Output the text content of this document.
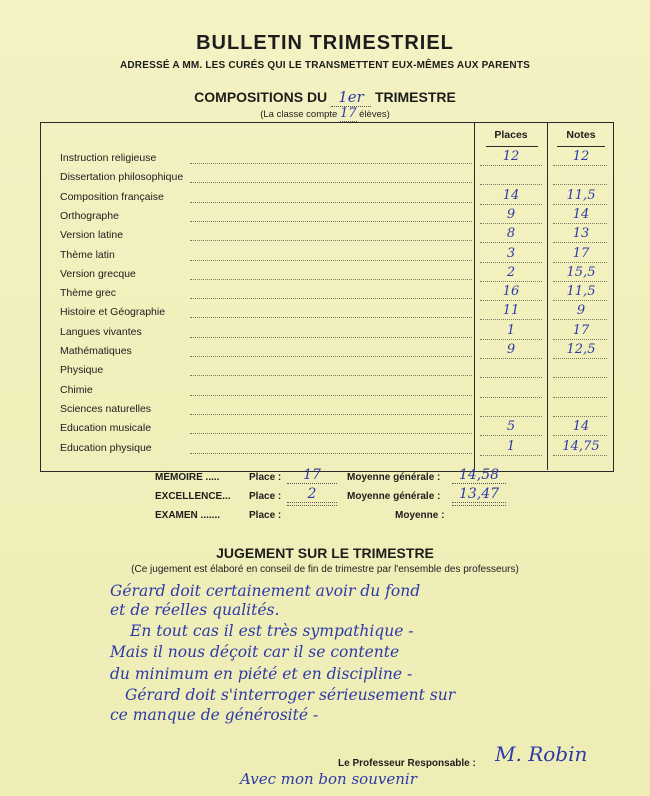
BULLETIN TRIMESTRIEL
ADRESSÉ A MM. LES CURÉS QUI LE TRANSMETTENT EUX-MÊMES AUX PARENTS
COMPOSITIONS DU 1er TRIMESTRE
(La classe compte 17 élèves)
Places	Notes
Instruction religieuse	12	12
Dissertation philosophique
Composition française	14	11,5
Orthographe	9	14
Version latine	8	13
Thème latin	3	17
Version grecque	2	15,5
Thème grec	16	11,5
Histoire et Géographie	11	9
Langues vivantes	1	17
Mathématiques	9	12,5
Physique
Chimie
Sciences naturelles
Education musicale	5	14
Education physique	1	14,75
MÉMOIRE .....	Place :	17	Moyenne générale :	14,58
EXCELLENCE... Place :	2	Moyenne générale :	13,47
EXAMEN .......	Place :	Moyenne :
JUGEMENT SUR LE TRIMESTRE
(Ce jugement est élaboré en conseil de fin de trimestre par l'ensemble des professeurs)
Gérard doit certainement avoir du fond
et de réelles qualités.
En tout cas il est très sympathique -
Mais il nous déçoit car il se contente
du minimum en piété et en discipline -
Gérard doit s'interroger sérieusement sur
ce manque de générosité -
Le Professeur Responsable : M. Robin
Avec mon bon souvenir
